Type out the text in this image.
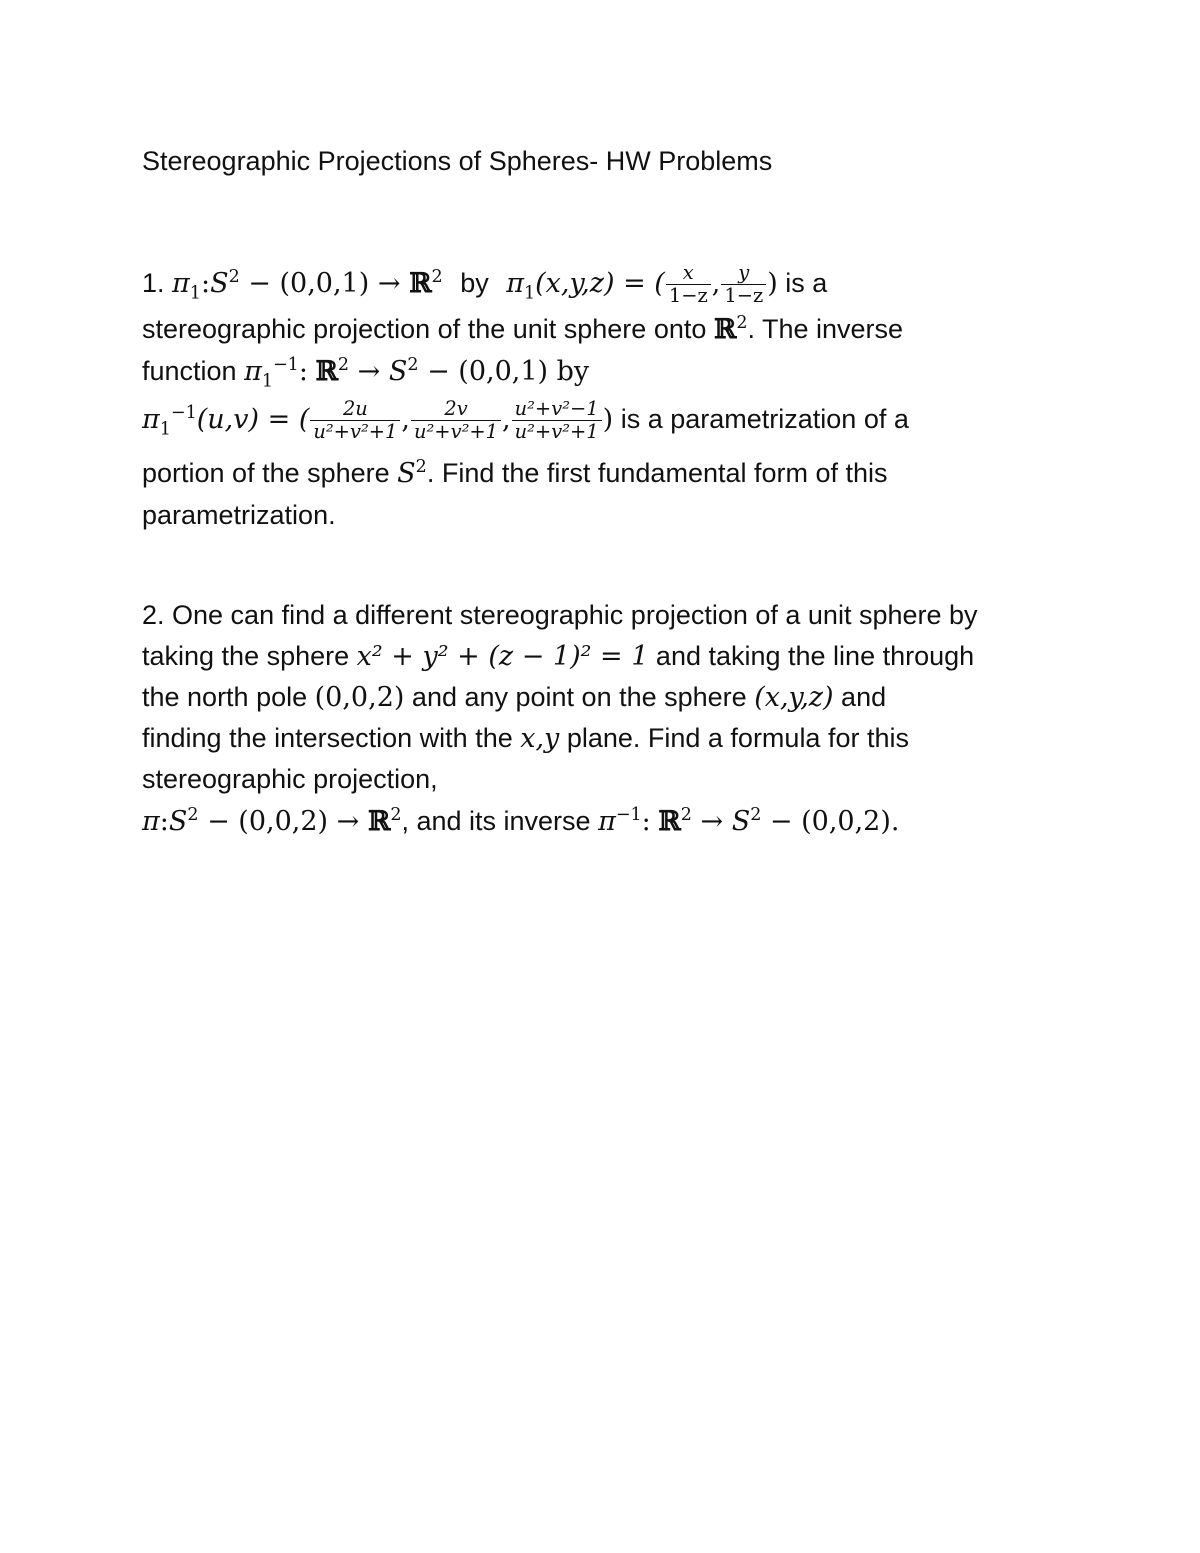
Stereographic Projections of Spheres- HW Problems
1. $\pi_1:S^2 - (0,0,1)$ → ℝ$^2$ by $\pi_1(x,y,z)$ = ( $\frac{x}{1-z}$ , $\frac{y}{1-z}$ ) is a
stereographic projection of the unit sphere onto ℝ$^2$. The inverse
function $\pi_1^{-1}$: ℝ$^2$ → $S^2 - (0,0,1)$ by
$\pi_1^{-1}(u,v)$ = ( $\frac{2u}{\text{u²+v²+1}}$ , $\frac{2v}{\text{u²+v²+1}}$ , $\frac{\text{u²+v²−1}}{\text{u²+v²+1}}$ ) is a parametrization of a
portion of the sphere $S^2$. Find the first fundamental form of this
parametrization.
2. One can find a different stereographic projection of a unit sphere by
taking the sphere x² + y² + (z − 1)² = 1 and taking the line through
the north pole (0,0,2) and any point on the sphere (x,y,z) and
finding the intersection with the x,y plane. Find a formula for this
stereographic projection,
$\pi:S^2 - (0,0,2)$ → ℝ$^2$, and its inverse $\pi^{-1}$: ℝ$^2$ → $S^2 - (0,0,2)$.
